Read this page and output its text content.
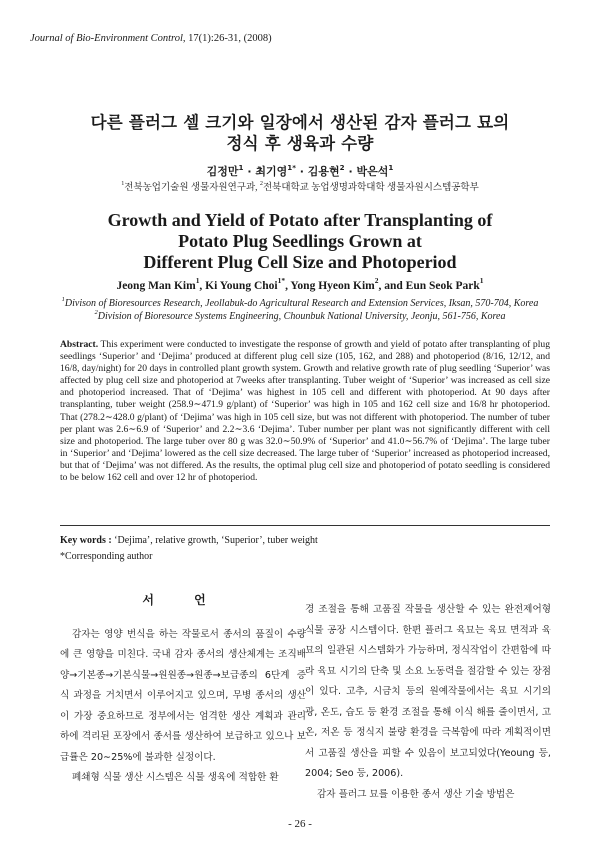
Journal of Bio-Environment Control, 17(1):26-31, (2008)
다른 플러그 셀 크기와 일장에서 생산된 감자 플러그 묘의
정식 후 생육과 수량
김정만$^1$ · 최기영$^{1*}$ · 김용현$^2$ · 박은석$^1$
$^1$전북농업기술원 생물자원연구과, $^2$전북대학교 농업생명과학대학 생물자원시스템공학부
Growth and Yield of Potato after Transplanting of
Potato Plug Seedlings Grown at
Different Plug Cell Size and Photoperiod
Jeong Man Kim$^1$, Ki Young Choi$^{1*}$, Yong Hyeon Kim$^2$, and Eun Seok Park$^1$
$^1$Divison of Bioresources Research, Jeollabuk-do Agricultural Research and Extension Services, Iksan, 570-704, Korea
$^2$Division of Bioresource Systems Engineering, Chounbuk National University, Jeonju, 561-756, Korea
Abstract. This experiment were conducted to investigate the response of growth and yield of potato after transplanting of plug seedlings ‘Superior’ and ‘Dejima’ produced at different plug cell size (105, 162, and 288) and photoperiod (8/16, 12/12, and 16/8, day/night) for 20 days in controlled plant growth system. Growth and relative growth rate of plug seedling ‘Superior’ was affected by plug cell size and photoperiod at 7weeks after transplanting. Tuber weight of ‘Superior’ was increased as cell size and photoperiod increased. That of ‘Dejima’ was highest in 105 cell and different with photoperiod. At 90 days after transplanting, tuber weight (258.9∼471.9 g/plant) of ‘Superior’ was high in 105 and 162 cell size and 16/8 hr photoperiod. That (278.2∼428.0 g/plant) of ‘Dejima’ was high in 105 cell size, but was not different with photoperiod. The number of tuber per plant was 2.6∼6.9 of ‘Superior’ and 2.2∼3.6 ‘Dejima’. Tuber number per plant was not significantly different with cell size and photoperiod. The large tuber over 80 g was 32.0∼50.9% of ‘Superior’ and 41.0∼56.7% of ‘Dejima’. The large tuber in ‘Superior’ and ‘Dejima’ lowered as the cell size decreased. The large tuber of ‘Superior’ increased as photoperiod increased, but that of ‘Dejima’ was not differed. As the results, the optimal plug cell size and photoperiod of potato seedling is considered to be below 162 cell and over 12 hr of photoperiod.
Key words : ‘Dejima’, relative growth, ‘Superior’, tuber weight
*Corresponding author
서 언

감자는 영양 번식을 하는 작물로서 종서의 품질이 수량에 큰 영향을 미친다. 국내 감자 종서의 생산체계는 조직배양→기본종→기본식물→원원종→원종→보급종의 6단계 증식 과정을 거치면서 이루어지고 있으며, 무병 종서의 생산이 가장 중요하므로 정부에서는 엄격한 생산 계획과 관리 하에 격리된 포장에서 종서를 생산하여 보급하고 있으나 보급률은 20∼25%에 불과한 실정이다.

폐쇄형 식물 생산 시스템은 식물 생육에 적합한 환

경 조절을 통해 고품질 작물을 생산할 수 있는 완전제어형 식물 공장 시스템이다. 한편 플러그 육묘는 육묘 면적과 육묘의 일관된 시스템화가 가능하며, 정식작업이 간편함에 따라 육묘 시기의 단축 및 소요 노동력을 절감할 수 있는 장점이 있다. 고추, 시금치 등의 원예작물에서는 육묘 시기의 광, 온도, 습도 등 환경 조절을 통해 이식 해를 줄이면서, 고온, 저온 등 정식지 불량 환경을 극복함에 따라 계획적이면서 고품질 생산을 피할 수 있음이 보고되었다(Yeoung 등, 2004; Seo 등, 2006).

감자 플러그 묘를 이용한 종서 생산 기술 방법은

- 26 -
